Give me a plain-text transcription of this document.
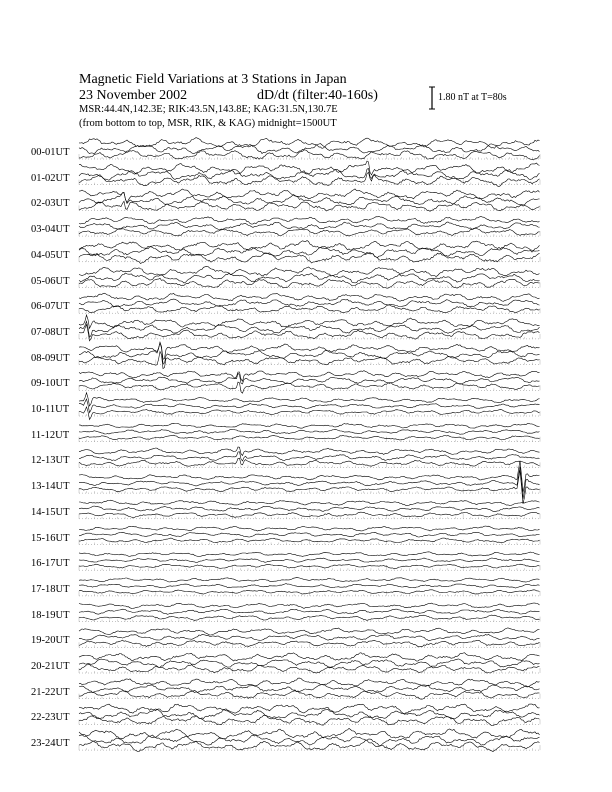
Magnetic Field Variations at 3 Stations in Japan
23 November 2002	dD/dt (filter:40-160s)
MSR:44.4N,142.3E; RIK:43.5N,143.8E; KAG:31.5N,130.7E
(from bottom to top, MSR, RIK, & KAG) midnight=1500UT
1.80 nT at T=80s
00-01UT
01-02UT
02-03UT
03-04UT
04-05UT
05-06UT
06-07UT
07-08UT
08-09UT
09-10UT
10-11UT
11-12UT
12-13UT
13-14UT
14-15UT
15-16UT
16-17UT
17-18UT
18-19UT
19-20UT
20-21UT
21-22UT
22-23UT
23-24UT
